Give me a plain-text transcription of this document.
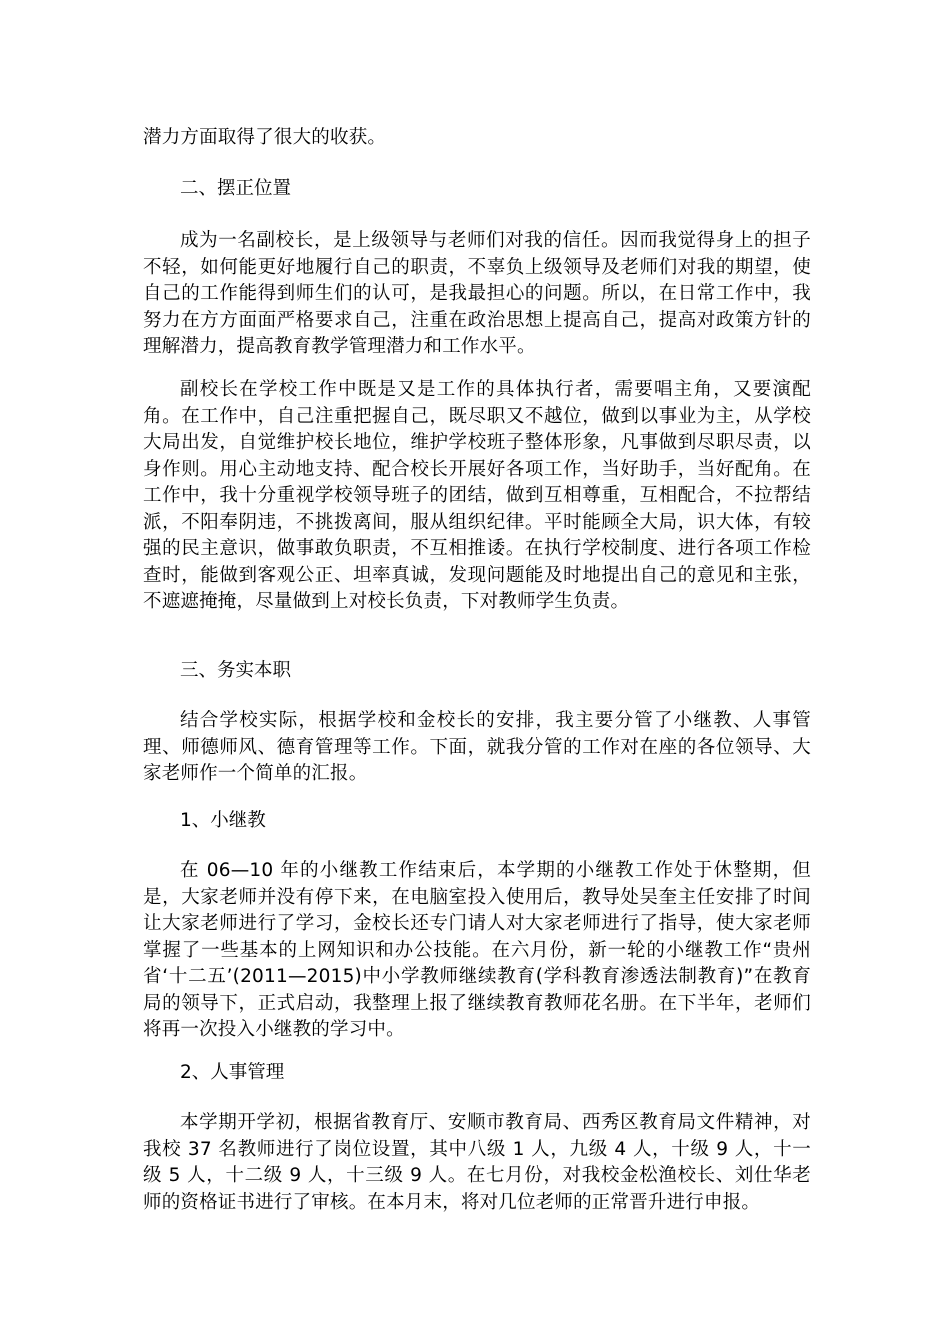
潜力方面取得了很大的收获。

二、摆正位置

成为一名副校长，是上级领导与老师们对我的信任。因而我觉得身上的担子不轻，如何能更好地履行自己的职责，不辜负上级领导及老师们对我的期望，使自己的工作能得到师生们的认可，是我最担心的问题。所以，在日常工作中，我努力在方方面面严格要求自己，注重在政治思想上提高自己，提高对政策方针的理解潜力，提高教育教学管理潜力和工作水平。

副校长在学校工作中既是又是工作的具体执行者，需要唱主角，又要演配角。在工作中，自己注重把握自己，既尽职又不越位，做到以事业为主，从学校大局出发，自觉维护校长地位，维护学校班子整体形象，凡事做到尽职尽责，以身作则。用心主动地支持、配合校长开展好各项工作，当好助手，当好配角。在工作中，我十分重视学校领导班子的团结，做到互相尊重，互相配合，不拉帮结派，不阳奉阴违，不挑拨离间，服从组织纪律。平时能顾全大局，识大体，有较强的民主意识，做事敢负职责，不互相推诿。在执行学校制度、进行各项工作检查时，能做到客观公正、坦率真诚，发现问题能及时地提出自己的意见和主张，不遮遮掩掩，尽量做到上对校长负责，下对教师学生负责。

三、务实本职

结合学校实际，根据学校和金校长的安排，我主要分管了小继教、人事管理、师德师风、德育管理等工作。下面，就我分管的工作对在座的各位领导、大家老师作一个简单的汇报。

1、小继教

在 06—10 年的小继教工作结束后，本学期的小继教工作处于休整期，但是，大家老师并没有停下来，在电脑室投入使用后，教导处吴奎主任安排了时间让大家老师进行了学习，金校长还专门请人对大家老师进行了指导，使大家老师掌握了一些基本的上网知识和办公技能。在六月份，新一轮的小继教工作“贵州省‘十二五’(2011—2015)中小学教师继续教育(学科教育渗透法制教育)”在教育局的领导下，正式启动，我整理上报了继续教育教师花名册。在下半年，老师们将再一次投入小继教的学习中。

2、人事管理

本学期开学初，根据省教育厅、安顺市教育局、西秀区教育局文件精神，对我校 37 名教师进行了岗位设置，其中八级 1 人，九级 4 人，十级 9 人，十一级 5 人，十二级 9 人，十三级 9 人。在七月份，对我校金松渔校长、刘仕华老师的资格证书进行了审核。在本月末，将对几位老师的正常晋升进行申报。
